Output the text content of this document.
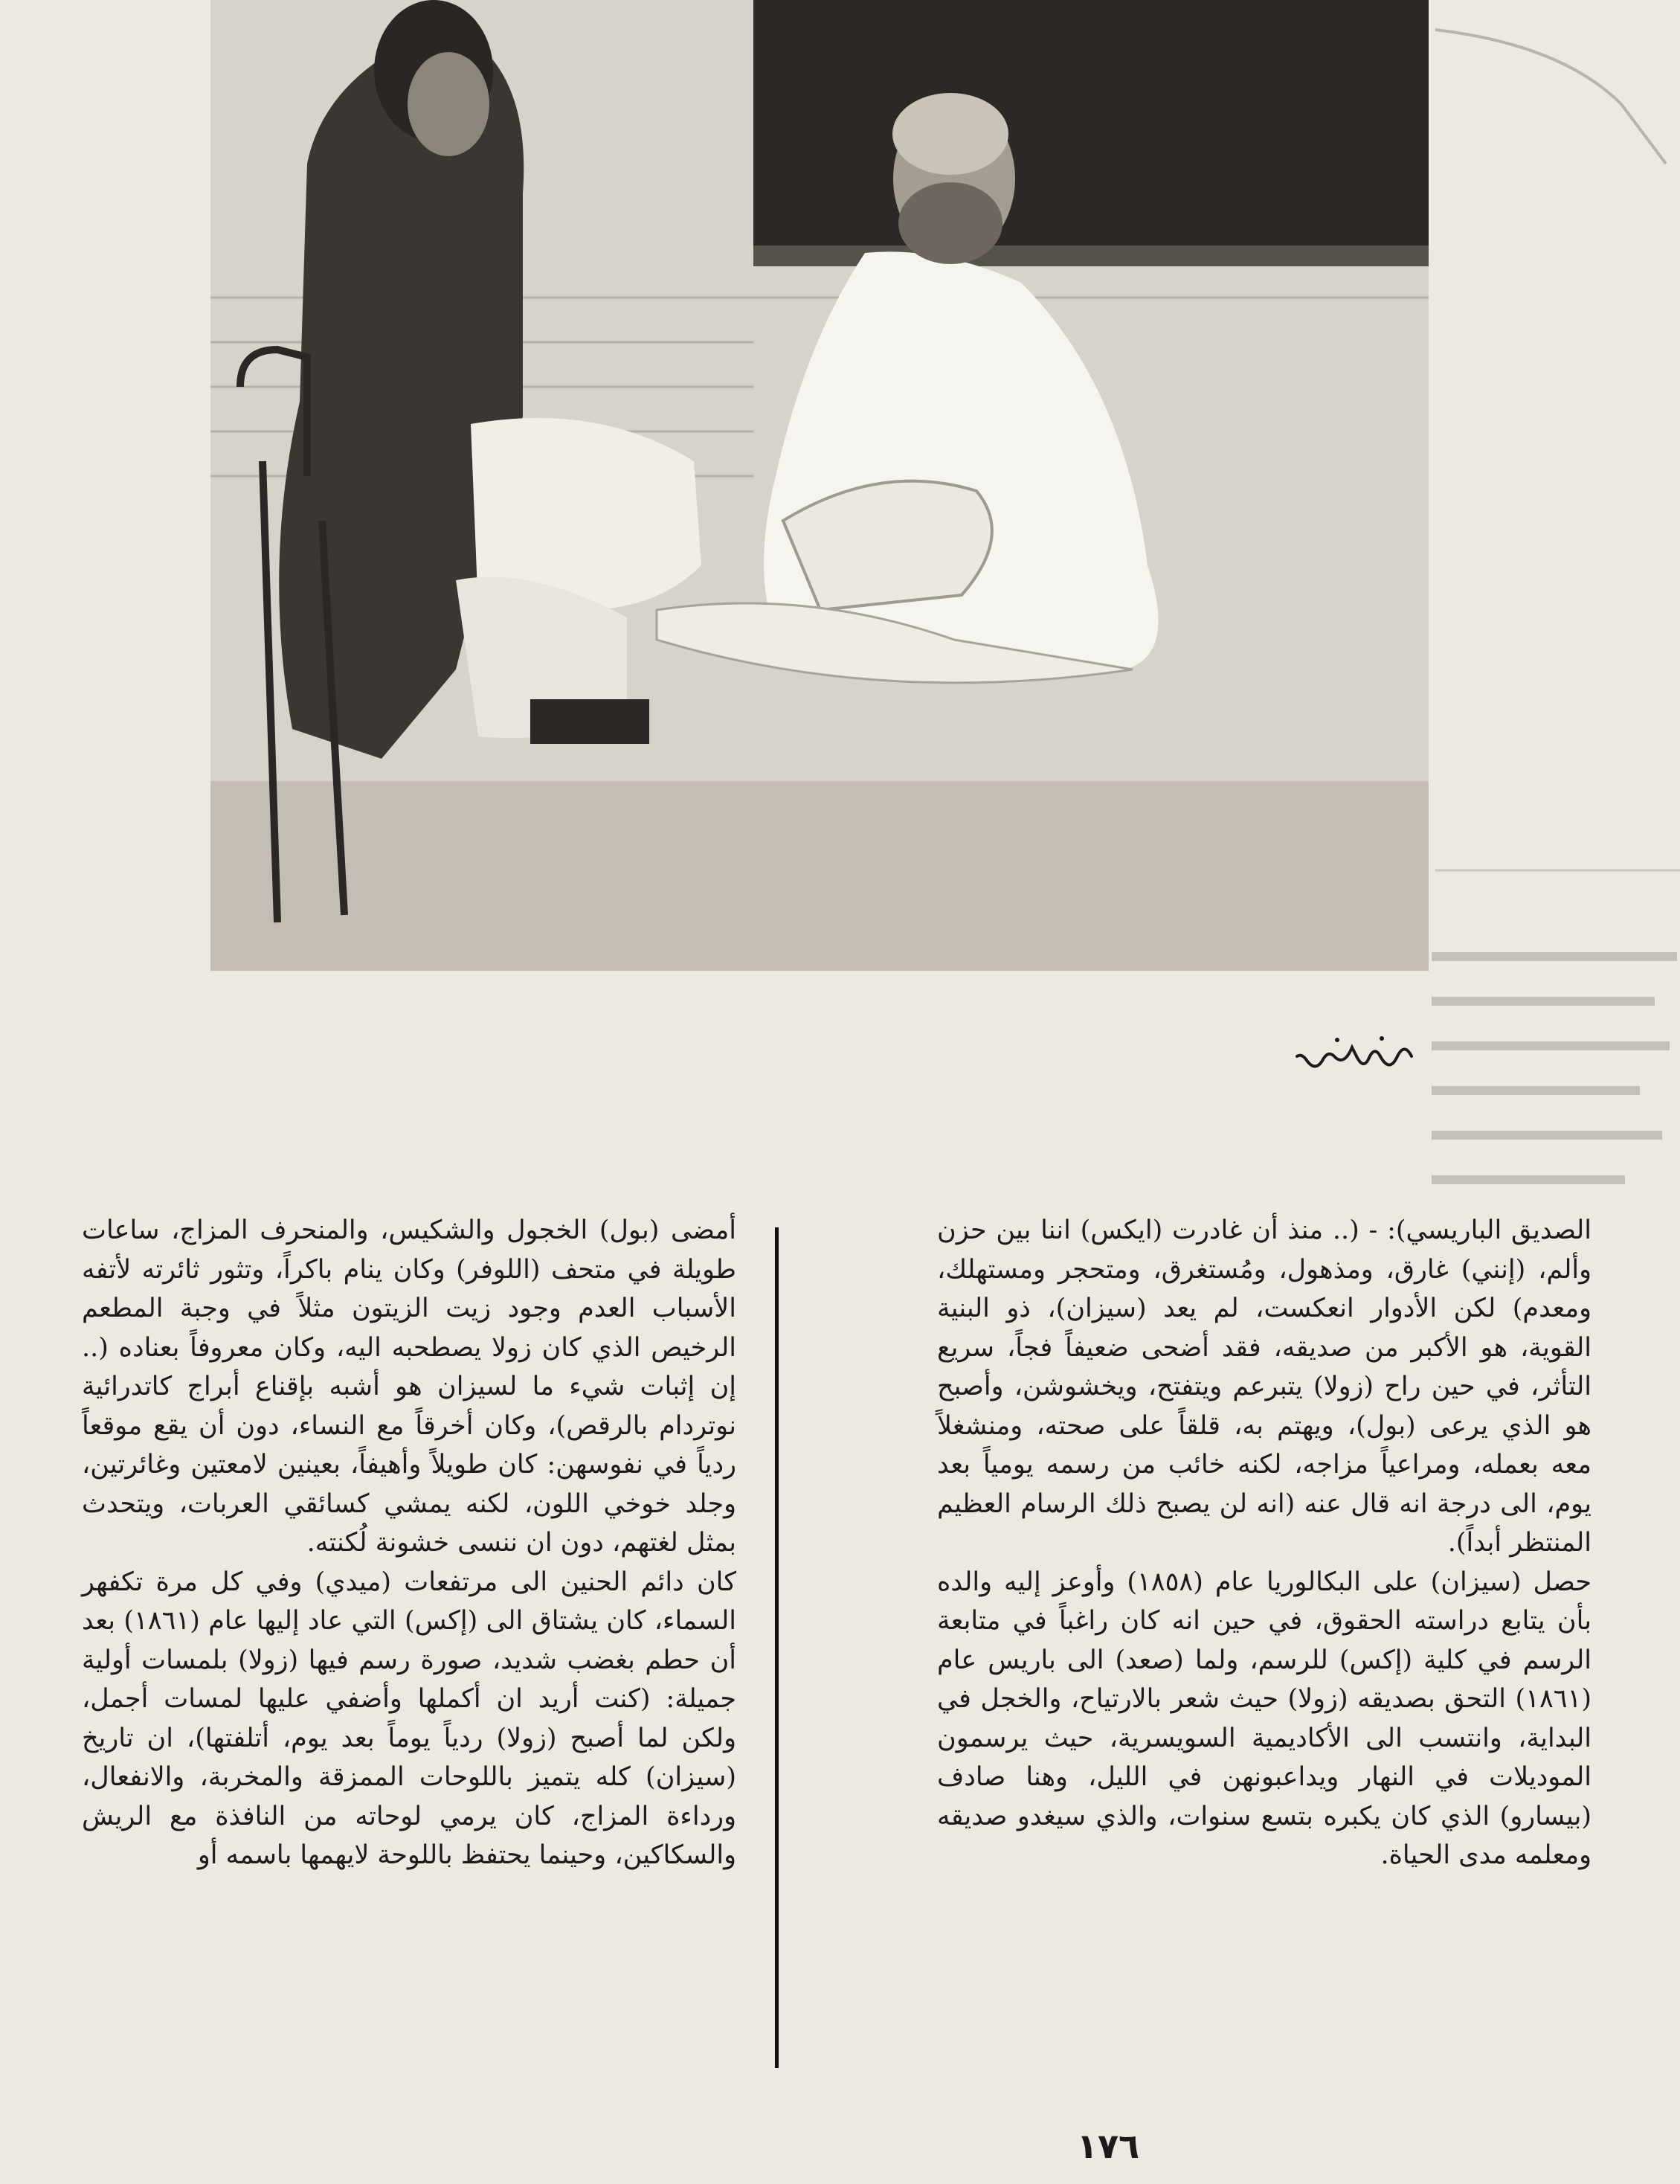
الصديق الباريسي): - (.. منذ أن غادرت (ايكس) اننا بين حزن وألم، (إنني) غارق، ومذهول، ومُستغرق، ومتحجر ومستهلك، ومعدم) لكن الأدوار انعكست، لم يعد (سيزان)، ذو البنية القوية، هو الأكبر من صديقه، فقد أضحى ضعيفاً فجاً، سريع التأثر، في حين راح (زولا) يتبرعم ويتفتح، ويخشوشن، وأصبح هو الذي يرعى (بول)، ويهتم به، قلقاً على صحته، ومنشغلاً معه بعمله، ومراعياً مزاجه، لكنه خائب من رسمه يومياً بعد يوم، الى درجة انه قال عنه (انه لن يصبح ذلك الرسام العظيم المنتظر أبداً).

حصل (سيزان) على البكالوريا عام (١٨٥٨) وأوعز إليه والده بأن يتابع دراسته الحقوق، في حين انه كان راغباً في متابعة الرسم في كلية (إكس) للرسم، ولما (صعد) الى باريس عام (١٨٦١) التحق بصديقه (زولا) حيث شعر بالارتياح، والخجل في البداية، وانتسب الى الأكاديمية السويسرية، حيث يرسمون الموديلات في النهار ويداعبونهن في الليل، وهنا صادف (بيسارو) الذي كان يكبره بتسع سنوات، والذي سيغدو صديقه ومعلمه مدى الحياة.

أمضى (بول) الخجول والشكيس، والمنحرف المزاج، ساعات طويلة في متحف (اللوفر) وكان ينام باكراً، وتثور ثائرته لأتفه الأسباب العدم وجود زيت الزيتون مثلاً في وجبة المطعم الرخيص الذي كان زولا يصطحبه اليه، وكان معروفاً بعناده (.. إن إثبات شيء ما لسيزان هو أشبه بإقناع أبراج كاتدرائية نوتردام بالرقص)، وكان أخرقاً مع النساء، دون أن يقع موقعاً ردياً في نفوسهن: كان طويلاً وأهيفاً، بعينين لامعتين وغائرتين، وجلد خوخي اللون، لكنه يمشي كسائقي العربات، ويتحدث بمثل لغتهم، دون ان ننسى خشونة لُكنته.

كان دائم الحنين الى مرتفعات (ميدي) وفي كل مرة تكفهر السماء، كان يشتاق الى (إكس) التي عاد إليها عام (١٨٦١) بعد أن حطم بغضب شديد، صورة رسم فيها (زولا) بلمسات أولية جميلة: (كنت أريد ان أكملها وأضفي عليها لمسات أجمل، ولكن لما أصبح (زولا) ردياً يوماً بعد يوم، أتلفتها)، ان تاريخ (سيزان) كله يتميز باللوحات الممزقة والمخربة، والانفعال، ورداءة المزاج، كان يرمي لوحاته من النافذة مع الريش والسكاكين، وحينما يحتفظ باللوحة لايهمها باسمه أو

١٧٦
